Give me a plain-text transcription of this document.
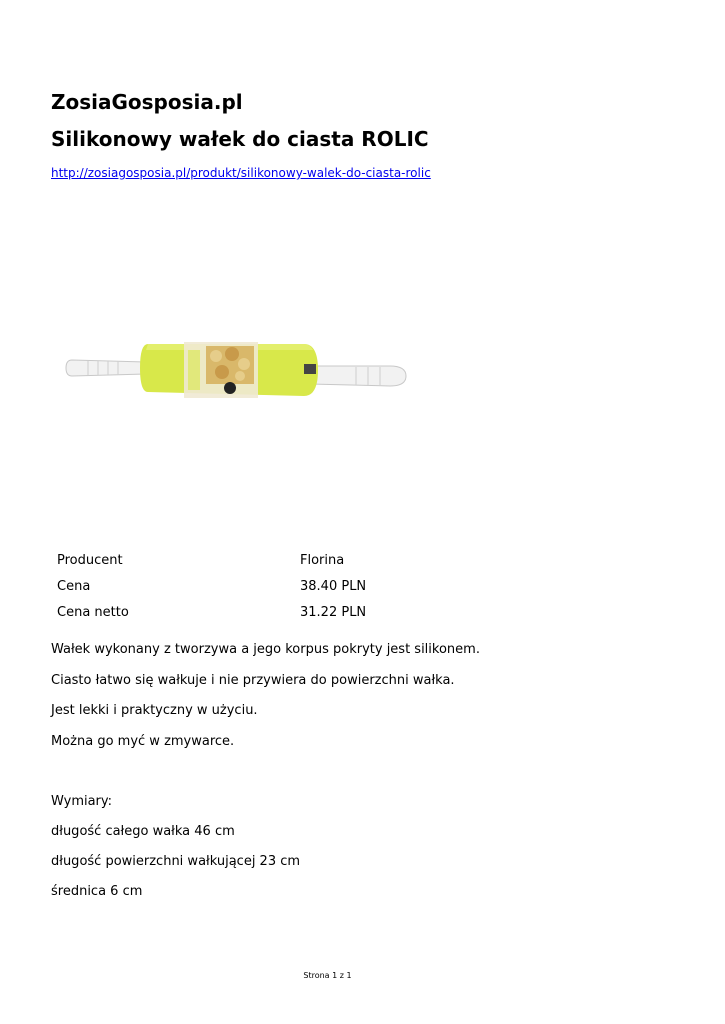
ZosiaGosposia.pl
Silikonowy wałek do ciasta ROLIC
http://zosiagosposia.pl/produkt/silikonowy-walek-do-ciasta-rolic
Producent	Florina
Cena	38.40 PLN
Cena netto	31.22 PLN

Wałek wykonany z tworzywa a jego korpus pokryty jest silikonem.

Ciasto łatwo się wałkuje i nie przywiera do powierzchni wałka.

Jest lekki i praktyczny w użyciu.

Można go myć w zmywarce.

Wymiary:

długość całego wałka 46 cm

długość powierzchni wałkującej 23 cm

średnica 6 cm

Strona 1 z 1
